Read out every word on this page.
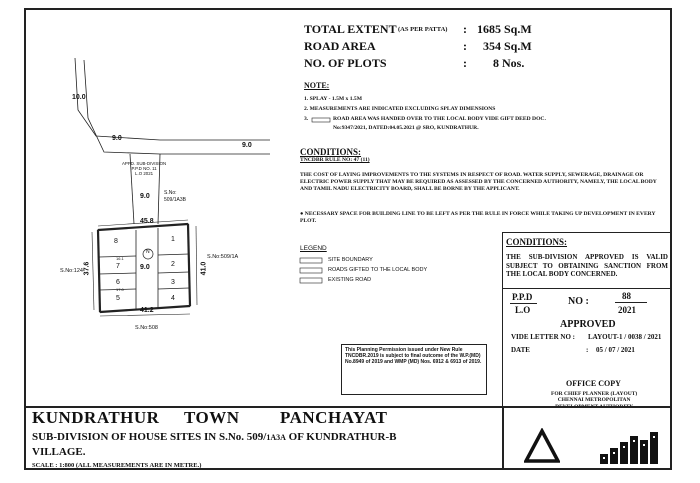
10.0
9.0
9.0
9.0
9.0
45.8
41.2
37.6	41.0
APPD. SUB-DIVISION
P.P.D NO. 11
L.O 2021
S.No:
509/1A3B
S.No:509/1A
S.No:124
S.No:508
8
7
6
5
1
2
3
4
16.1
17.0
N
TOTAL EXTENT (AS PER PATTA) : 1685 Sq.M
ROAD AREA	: 354 Sq.M
NO. OF PLOTS	: 8 Nos.
NOTE:
1. SPLAY - 1.5M x 1.5M
2. MEASUREMENTS ARE INDICATED EXCLUDING SPLAY DIMENSIONS
3.	ROAD AREA WAS HANDED OVER TO THE LOCAL BODY VIDE GIFT DEED DOC.
No:9347/2021, DATED:04.05.2021 @ SRO, KUNDRATHUR.
CONDITIONS:
TNCDBR RULE NO: 47 (11)
THE COST OF LAYING IMPROVEMENTS TO THE SYSTEMS IN RESPECT OF ROAD. WATER SUPPLY, SEWERAGE, DRAINAGE OR ELECTRIC POWER SUPPLY THAT MAY BE REQUIRED AS ASSESSED BY THE CONCERNED AUTHORITY, NAMELY, THE LOCAL BODY AND TAMIL NADU ELECTRICITY BOARD, SHALL BE BORNE BY THE APPLICANT.
● NECESSARY SPACE FOR BUILDING LINE TO BE LEFT AS PER THE RULE IN FORCE WHILE TAKING UP DEVELOPMENT IN EVERY PLOT.
LEGEND
SITE BOUNDARY
ROADS GIFTED TO THE LOCAL BODY
EXISTING ROAD
CONDITIONS:
THE SUB-DIVISION APPROVED IS VALID SUBJECT TO OBTAINING SANCTION FROM THE LOCAL BODY CONCERNED.
P.P.D
L.O
NO :	88
2021
APPROVED
VIDE LETTER NO : LAYOUT-1 / 0038 / 2021
DATE	: 05 / 07 / 2021
OFFICE COPY
FOR CHIEF PLANNER (LAYOUT)
CHENNAI METROPOLITAN
This Planning Permission issued under New Rule TNCDBR.2019 is subject to final outcome of the W.P.(MD) No.8949 of 2019 and WMP (MD) Nos. 6912 & 6913 of 2019.
KUNDRATHUR TOWN PANCHAYAT
SUB-DIVISION OF HOUSE SITES IN S.No. 509/1A3A OF KUNDRATHUR-B
VILLAGE.
SCALE : 1:800 (ALL MEASUREMENTS ARE IN METRE.)
